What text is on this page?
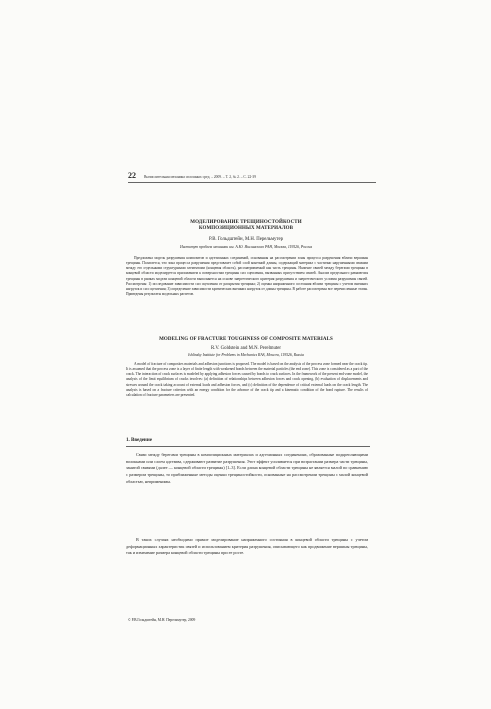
22 Вычислительная механика сплошных сред. – 2009. – Т. 2, № 2. – С. 22-39
МОДЕЛИРОВАНИЕ ТРЕЩИНОСТОЙКОСТИ
КОМПОЗИЦИОННЫХ МАТЕРИАЛОВ
Р.В. Гольдштейн, М.Н. Перельмутер
Институт проблем механики им. А.Ю. Ишлинского РАН, Москва, 119526, Россия

Предложена модель разрушения композитов и адгезионных соединений, основанная на рассмотрении зоны процесса разрушения вблизи вершины трещины. Полагается, что зона процесса разрушения представляет собой слой конечной длины, содержащий материал с частично нарушенными связями между его отдельными структурными элементами (концевая область), рассматриваемый как часть трещины. Наличие связей между берегами трещины в концевой области моделируется приложением к поверхностям трещины сил сцепления, вызванных присутствием связей. Анализ предельного равновесия трещины в рамках модели концевой области выполняется на основе энергетического критерия разрушения и энергетического условия разрушения связей. Рассмотрены: 1) исследование зависимости сил сцепления от раскрытия трещины; 2) оценка напряженного состояния вблизи трещины с учетом внешних нагрузок и сил сцепления; 3) определение зависимости критических внешних нагрузок от длины трещины. В работе рассмотрены все перечисленные этапы. Приведены результаты модельных расчетов.

MODELING OF FRACTURE TOUGHNESS OF COMPOSITE MATERIALS
R.V. Goldstein and M.N. Perelmuter
Ishlinsky Institute for Problems in Mechanics RAS, Moscow, 119526, Russia

A model of fracture of composites materials and adhesion junctions is proposed. The model is based on the analysis of the process zone formed near the crack tip. It is assumed that the process zone is a layer of finite length with weakened bonds between the material particles (the end zone). This zone is considered as a part of the crack. The interaction of crack surfaces is modeled by applying adhesion forces caused by bonds to crack surfaces. In the framework of the present end-zone model, the analysis of the limit equilibrium of cracks involves: (a) definition of relationships between adhesion forces and crack opening, (b) evaluation of displacements and stresses around the crack taking account of external loads and adhesion forces, and (c) definition of the dependence of critical external loads on the crack length. The analysis is based on a fracture criterion with an energy condition for the advance of the crack tip and a kinematic condition of the bond rupture. The results of calculation of fracture parameters are presented.

1. Введение

Связи между берегами трещины в композиционных материалах и адгезионных соединениях, образованные подкрепляющими волокнами или слоем адгезива, сдерживают развитие разрушения. Этот эффект усиливается при возрастании размера части трещины, занятой связями (далее — концевой области трещины) [1–3]. Если длина концевой области трещины не является малой по сравнению с размером трещины, то приближенные методы оценки трещиностойкости, основанные на рассмотрении трещины с малой концевой областью, неприменимы.

В таких случаях необходимо прямое моделирование напряженного состояния в концевой области трещины с учетом деформационных характеристик связей и использованием критерия разрушения, описывающего как продвижение вершины трещины, так и изменение размера концевой области трещины при ее росте.

© Р.В.Гольдштейн, М.Н. Перельмутер, 2009
